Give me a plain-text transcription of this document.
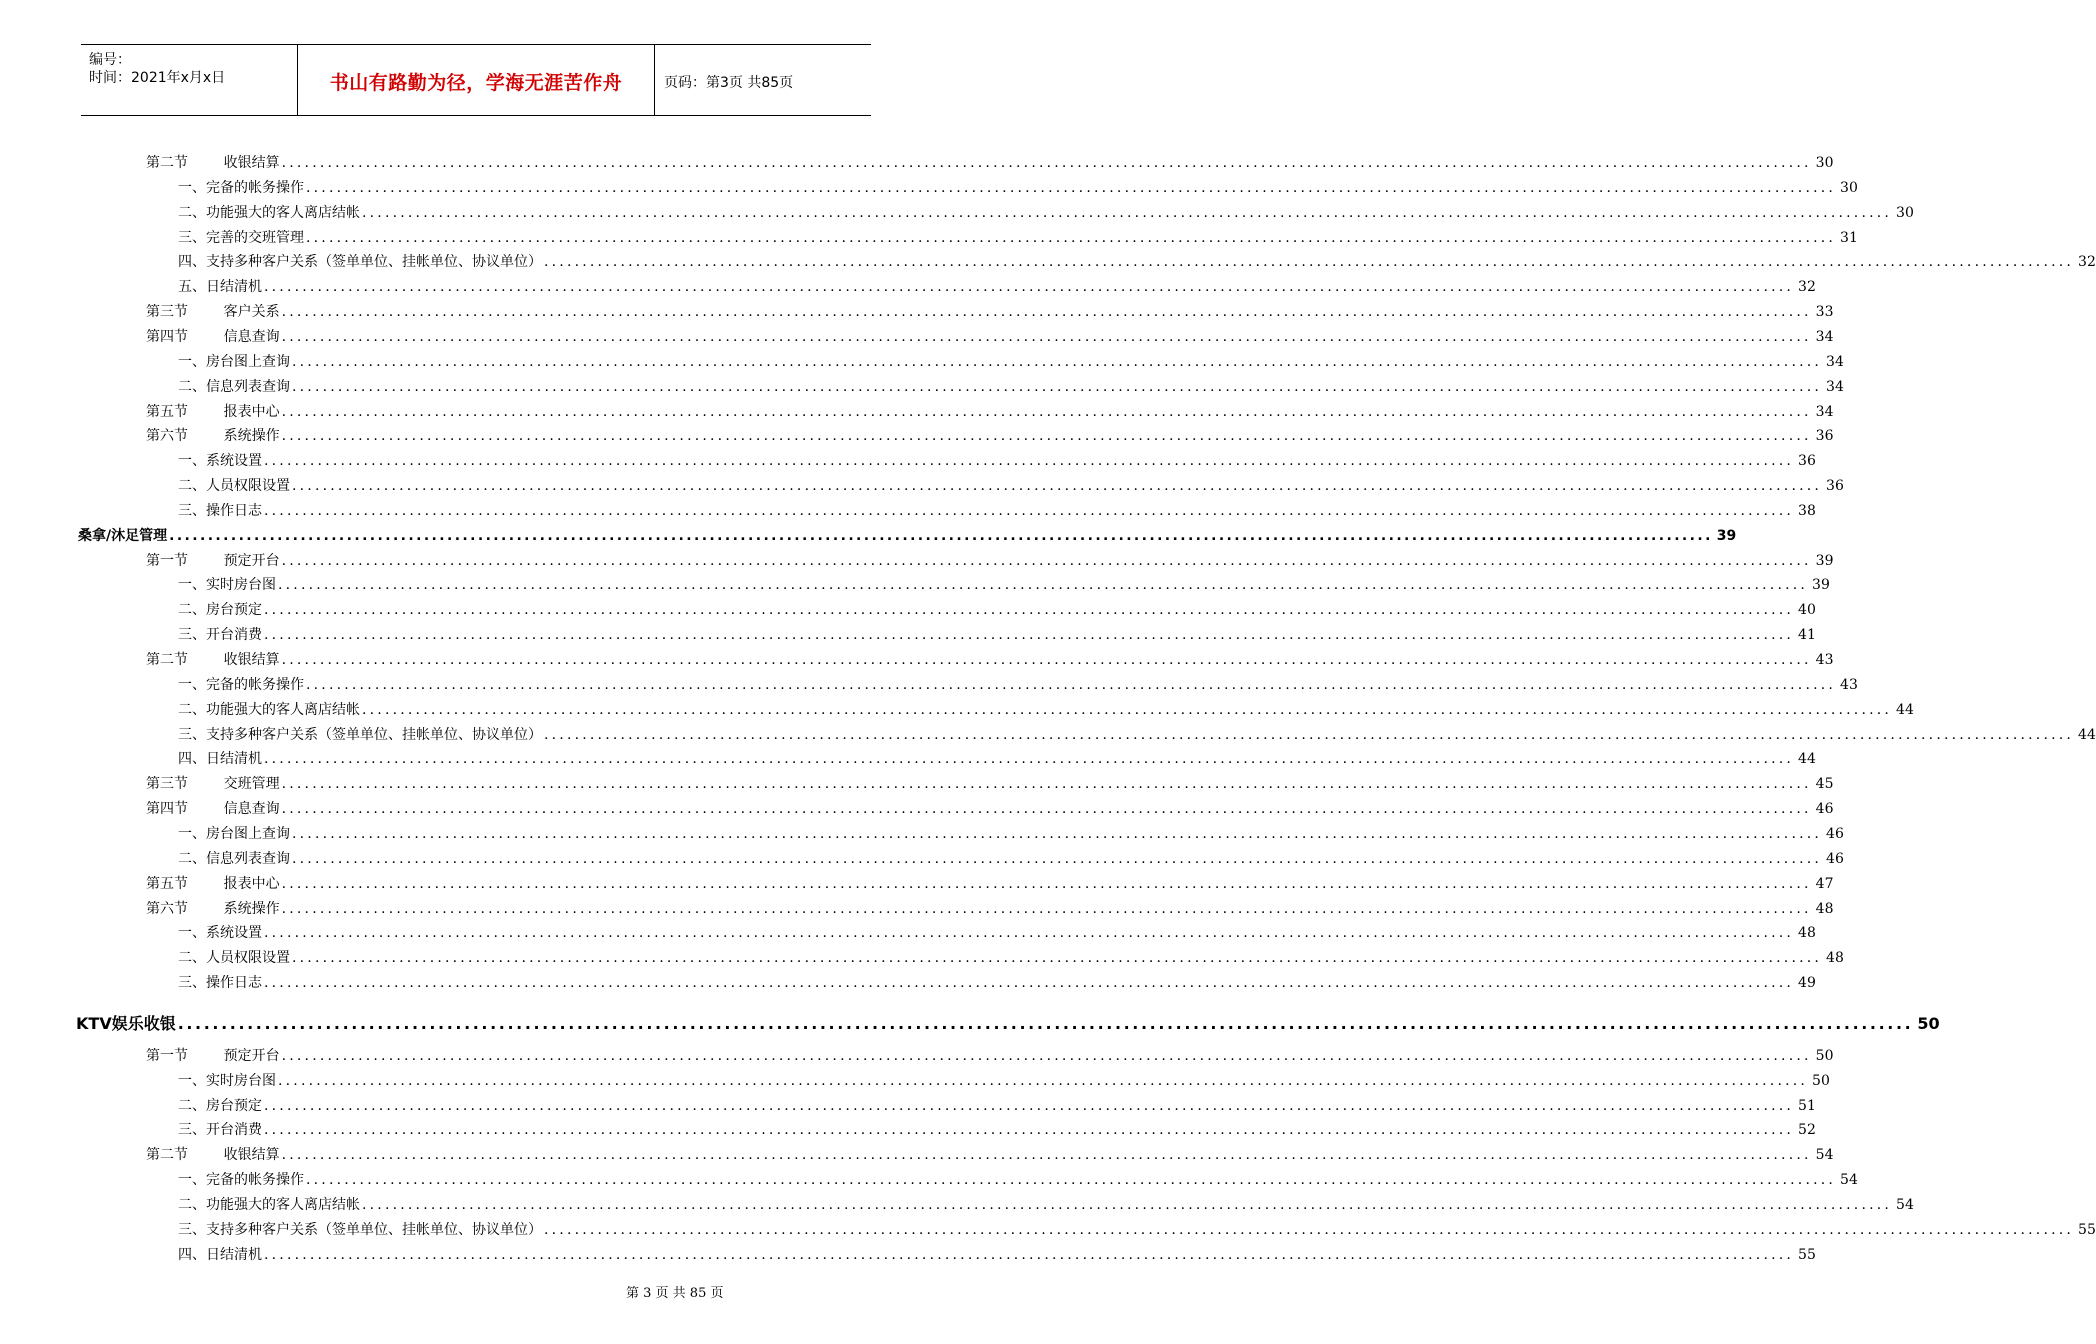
编号：
时间：2021年x月x日	书山有路勤为径，学海无涯苦作舟	页码：第3页 共85页
第二节        收银结算 ........................................................................................................................................................................................................ 30
一、完备的帐务操作 ........................................................................................................................................................................................................ 30
二、功能强大的客人离店结帐 ........................................................................................................................................................................................................ 30
三、完善的交班管理 ........................................................................................................................................................................................................ 31
四、支持多种客户关系（签单单位、挂帐单位、协议单位） ........................................................................................................................................................................................................ 32
五、日结清机 ........................................................................................................................................................................................................ 32
第三节        客户关系 ........................................................................................................................................................................................................ 33
第四节        信息查询 ........................................................................................................................................................................................................ 34
一、房台图上查询 ........................................................................................................................................................................................................ 34
二、信息列表查询 ........................................................................................................................................................................................................ 34
第五节        报表中心 ........................................................................................................................................................................................................ 34
第六节        系统操作 ........................................................................................................................................................................................................ 36
一、系统设置 ........................................................................................................................................................................................................ 36
二、人员权限设置 ........................................................................................................................................................................................................ 36
三、操作日志 ........................................................................................................................................................................................................ 38
桑拿/沐足管理 ........................................................................................................................................................................................................ 39
第一节        预定开台 ........................................................................................................................................................................................................ 39
一、实时房台图 ........................................................................................................................................................................................................ 39
二、房台预定 ........................................................................................................................................................................................................ 40
三、开台消费 ........................................................................................................................................................................................................ 41
第二节        收银结算 ........................................................................................................................................................................................................ 43
一、完备的帐务操作 ........................................................................................................................................................................................................ 43
二、功能强大的客人离店结帐 ........................................................................................................................................................................................................ 44
三、支持多种客户关系（签单单位、挂帐单位、协议单位） ........................................................................................................................................................................................................ 44
四、日结清机 ........................................................................................................................................................................................................ 44
第三节        交班管理 ........................................................................................................................................................................................................ 45
第四节        信息查询 ........................................................................................................................................................................................................ 46
一、房台图上查询 ........................................................................................................................................................................................................ 46
二、信息列表查询 ........................................................................................................................................................................................................ 46
第五节        报表中心 ........................................................................................................................................................................................................ 47
第六节        系统操作 ........................................................................................................................................................................................................ 48
一、系统设置 ........................................................................................................................................................................................................ 48
二、人员权限设置 ........................................................................................................................................................................................................ 48
三、操作日志 ........................................................................................................................................................................................................ 49
KTV娱乐收银 ........................................................................................................................................................................................................ 50
第一节        预定开台 ........................................................................................................................................................................................................ 50
一、实时房台图 ........................................................................................................................................................................................................ 50
二、房台预定 ........................................................................................................................................................................................................ 51
三、开台消费 ........................................................................................................................................................................................................ 52
第二节        收银结算 ........................................................................................................................................................................................................ 54
一、完备的帐务操作 ........................................................................................................................................................................................................ 54
二、功能强大的客人离店结帐 ........................................................................................................................................................................................................ 54
三、支持多种客户关系（签单单位、挂帐单位、协议单位） ........................................................................................................................................................................................................ 55
四、日结清机 ........................................................................................................................................................................................................ 55
第 3 页 共 85 页
